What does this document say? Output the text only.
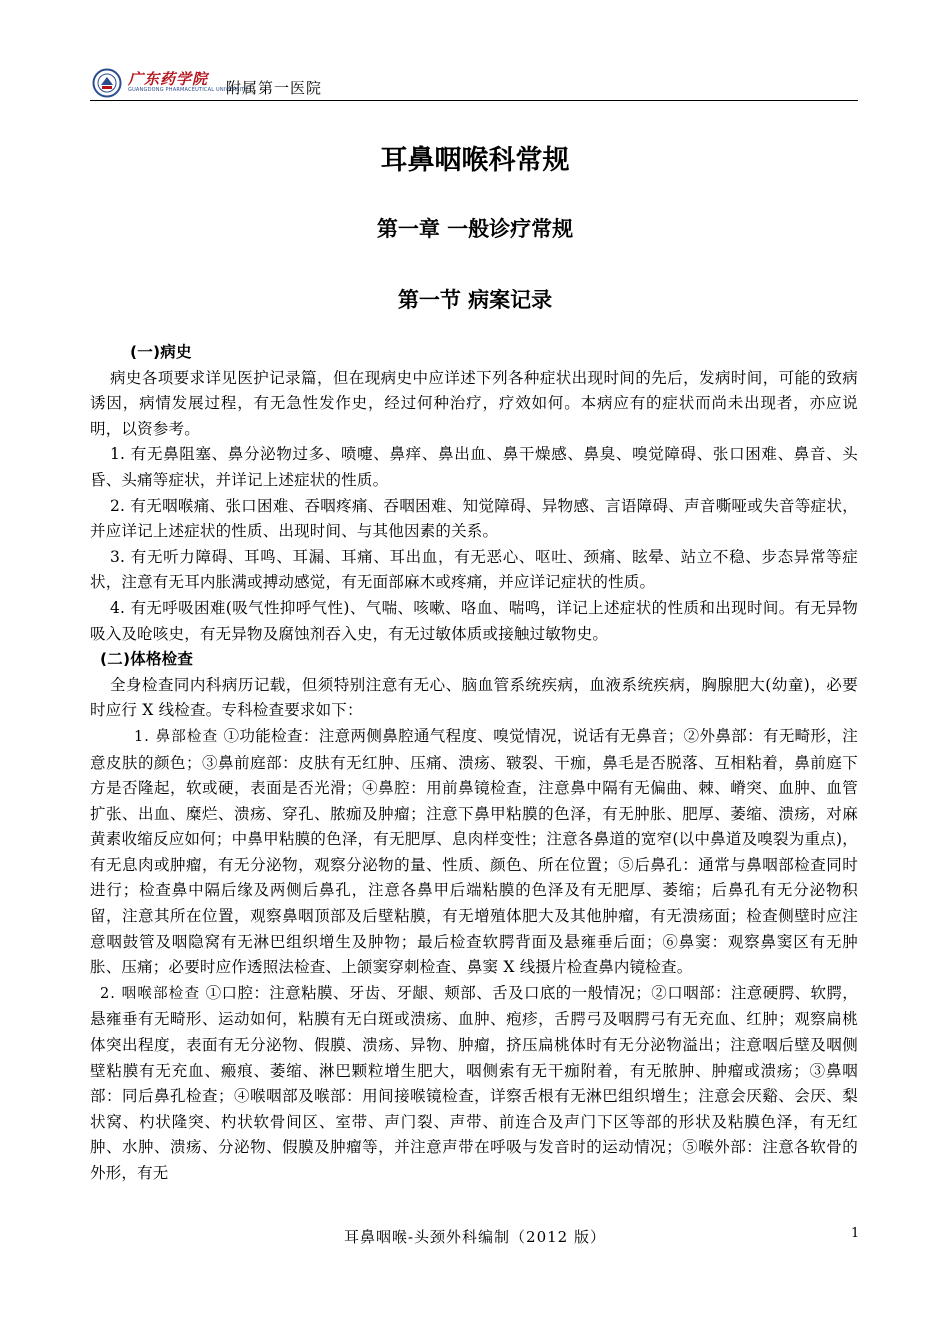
广东药学院
GUANGDONG PHARMACEUTICAL UNIVERSITY
附属第一医院
耳鼻咽喉科常规
第一章 一般诊疗常规
第一节 病案记录

(一)病史

病史各项要求详见医护记录篇，但在现病史中应详述下列各种症状出现时间的先后，发病时间，可能的致病诱因，病情发展过程，有无急性发作史，经过何种治疗，疗效如何。本病应有的症状而尚未出现者，亦应说明，以资参考。

1. 有无鼻阻塞、鼻分泌物过多、喷嚏、鼻痒、鼻出血、鼻干燥感、鼻臭、嗅觉障碍、张口困难、鼻音、头昏、头痛等症状，并详记上述症状的性质。

2. 有无咽喉痛、张口困难、吞咽疼痛、吞咽困难、知觉障碍、异物感、言语障碍、声音嘶哑或失音等症状，并应详记上述症状的性质、出现时间、与其他因素的关系。

3. 有无听力障碍、耳鸣、耳漏、耳痛、耳出血，有无恶心、呕吐、颈痛、眩晕、站立不稳、步态异常等症状，注意有无耳内胀满或搏动感觉，有无面部麻木或疼痛，并应详记症状的性质。

4. 有无呼吸困难(吸气性抑呼气性)、气喘、咳嗽、咯血、喘鸣，详记上述症状的性质和出现时间。有无异物吸入及呛咳史，有无异物及腐蚀剂吞入史，有无过敏体质或接触过敏物史。

(二)体格检查

全身检查同内科病历记载，但须特别注意有无心、脑血管系统疾病，血液系统疾病，胸腺肥大(幼童)，必要时应行 X 线检查。专科检查要求如下：

1. 鼻部检查 ①功能检查：注意两侧鼻腔通气程度、嗅觉情况，说话有无鼻音；②外鼻部：有无畸形，注意皮肤的颜色；③鼻前庭部：皮肤有无红肿、压痛、溃疡、皲裂、干痂，鼻毛是否脱落、互相粘着，鼻前庭下方是否隆起，软或硬，表面是否光滑；④鼻腔：用前鼻镜检查，注意鼻中隔有无偏曲、棘、嵴突、血肿、血管扩张、出血、糜烂、溃疡、穿孔、脓痂及肿瘤；注意下鼻甲粘膜的色泽，有无肿胀、肥厚、萎缩、溃疡，对麻黄素收缩反应如何；中鼻甲粘膜的色泽，有无肥厚、息肉样变性；注意各鼻道的宽窄(以中鼻道及嗅裂为重点)，有无息肉或肿瘤，有无分泌物，观察分泌物的量、性质、颜色、所在位置；⑤后鼻孔：通常与鼻咽部检查同时进行；检查鼻中隔后缘及两侧后鼻孔，注意各鼻甲后端粘膜的色泽及有无肥厚、萎缩；后鼻孔有无分泌物积留，注意其所在位置，观察鼻咽顶部及后壁粘膜，有无增殖体肥大及其他肿瘤，有无溃疡面；检查侧壁时应注意咽鼓管及咽隐窝有无淋巴组织增生及肿物；最后检查软腭背面及悬雍垂后面；⑥鼻窦：观察鼻窦区有无肿胀、压痛；必要时应作透照法检查、上颌窦穿刺检查、鼻窦 X 线摄片检查鼻内镜检查。

2. 咽喉部检查 ①口腔：注意粘膜、牙齿、牙龈、颊部、舌及口底的一般情况；②口咽部：注意硬腭、软腭，悬雍垂有无畸形、运动如何，粘膜有无白斑或溃疡、血肿、疱疹，舌腭弓及咽腭弓有无充血、红肿；观察扁桃体突出程度，表面有无分泌物、假膜、溃疡、异物、肿瘤，挤压扁桃体时有无分泌物溢出；注意咽后壁及咽侧壁粘膜有无充血、瘢痕、萎缩、淋巴颗粒增生肥大，咽侧索有无干痂附着，有无脓肿、肿瘤或溃疡；③鼻咽部：同后鼻孔检查；④喉咽部及喉部：用间接喉镜检查，详察舌根有无淋巴组织增生；注意会厌谿、会厌、梨状窝、杓状隆突、杓状软骨间区、室带、声门裂、声带、前连合及声门下区等部的形状及粘膜色泽，有无红肿、水肿、溃疡、分泌物、假膜及肿瘤等，并注意声带在呼吸与发音时的运动情况；⑤喉外部：注意各软骨的外形，有无

耳鼻咽喉-头颈外科编制（2012 版）	1
